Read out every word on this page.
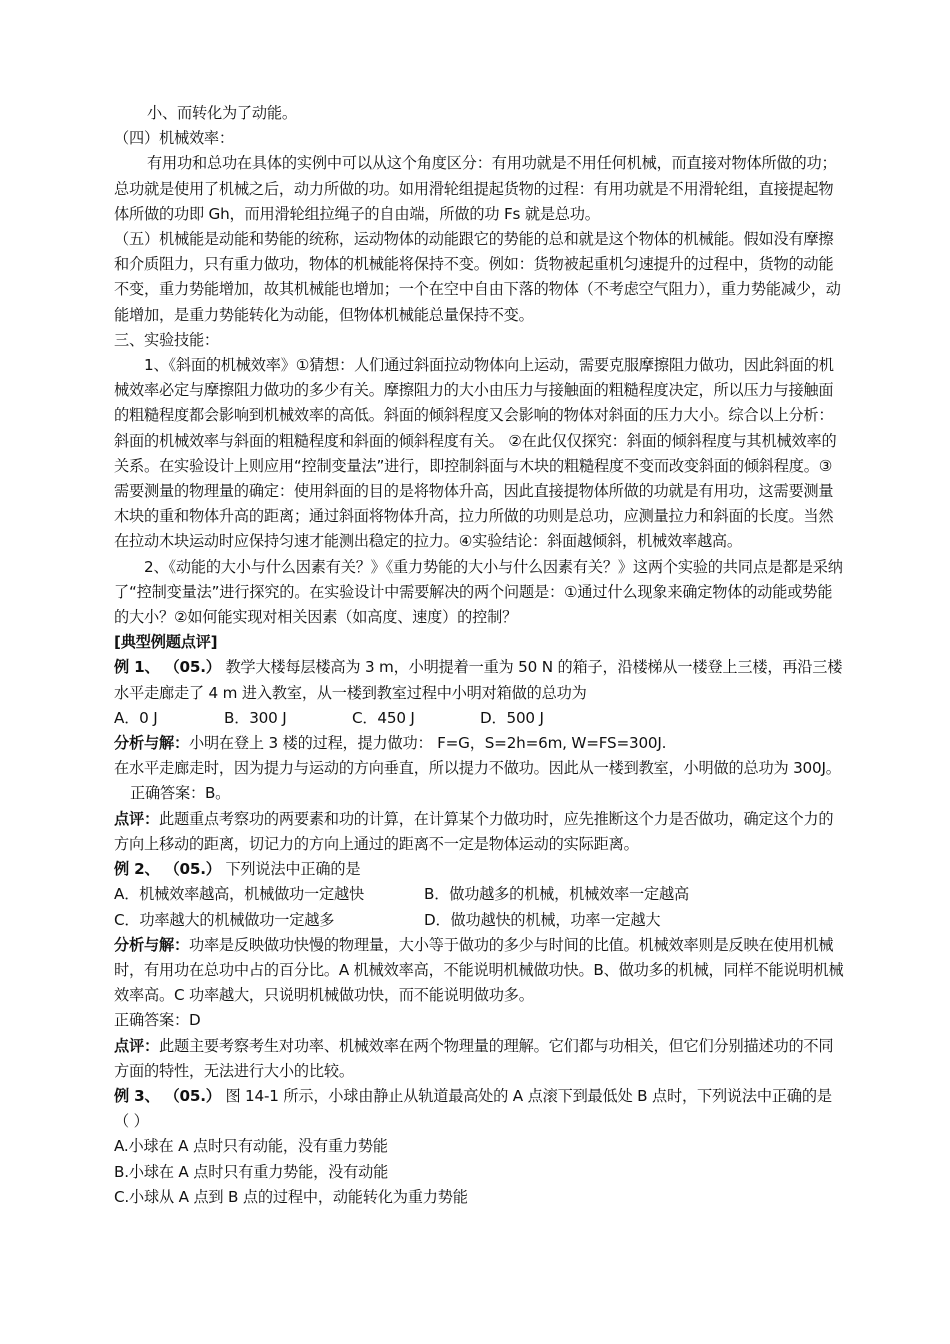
小、而转化为了动能。

（四）机械效率：

有用功和总功在具体的实例中可以从这个角度区分：有用功就是不用任何机械，而直接对物体所做的功；总功就是使用了机械之后，动力所做的功。如用滑轮组提起货物的过程：有用功就是不用滑轮组，直接提起物体所做的功即 Gh，而用滑轮组拉绳子的自由端，所做的功 Fs 就是总功。

（五）机械能是动能和势能的统称，运动物体的动能跟它的势能的总和就是这个物体的机械能。假如没有摩擦和介质阻力，只有重力做功，物体的机械能将保持不变。例如：货物被起重机匀速提升的过程中，货物的动能不变，重力势能增加，故其机械能也增加；一个在空中自由下落的物体（不考虑空气阻力），重力势能减少，动能增加，是重力势能转化为动能，但物体机械能总量保持不变。

三、实验技能：

1、《斜面的机械效率》①猜想：人们通过斜面拉动物体向上运动，需要克服摩擦阻力做功，因此斜面的机械效率必定与摩擦阻力做功的多少有关。摩擦阻力的大小由压力与接触面的粗糙程度决定，所以压力与接触面的粗糙程度都会影响到机械效率的高低。斜面的倾斜程度又会影响的物体对斜面的压力大小。综合以上分析：斜面的机械效率与斜面的粗糙程度和斜面的倾斜程度有关。 ②在此仅仅探究：斜面的倾斜程度与其机械效率的关系。在实验设计上则应用“控制变量法”进行，即控制斜面与木块的粗糙程度不变而改变斜面的倾斜程度。③需要测量的物理量的确定：使用斜面的目的是将物体升高，因此直接提物体所做的功就是有用功，这需要测量木块的重和物体升高的距离；通过斜面将物体升高，拉力所做的功则是总功，应测量拉力和斜面的长度。当然在拉动木块运动时应保持匀速才能测出稳定的拉力。④实验结论：斜面越倾斜，机械效率越高。

2、《动能的大小与什么因素有关？》《重力势能的大小与什么因素有关？》这两个实验的共同点是都是采纳了“控制变量法”进行探究的。在实验设计中需要解决的两个问题是：①通过什么现象来确定物体的动能或势能的大小？②如何能实现对相关因素（如高度、速度）的控制？

[典型例题点评]

例 1、 （05.） 教学大楼每层楼高为 3 m，小明提着一重为 50 N 的箱子，沿楼梯从一楼登上三楼，再沿三楼水平走廊走了 4 m 进入教室，从一楼到教室过程中小明对箱做的总功为

A．0 J	B．300 J	C．450 J	D．500 J

分析与解：小明在登上 3 楼的过程，提力做功： F=G，S=2h=6m, W=FS=300J.

在水平走廊走时，因为提力与运动的方向垂直，所以提力不做功。因此从一楼到教室，小明做的总功为 300J。

正确答案：B。

点评：此题重点考察功的两要素和功的计算，在计算某个力做功时，应先推断这个力是否做功，确定这个力的方向上移动的距离，切记力的方向上通过的距离不一定是物体运动的实际距离。

例 2、 （05.） 下列说法中正确的是

A．机械效率越高，机械做功一定越快	B．做功越多的机械，机械效率一定越高
C．功率越大的机械做功一定越多	D．做功越快的机械，功率一定越大

分析与解：功率是反映做功快慢的物理量，大小等于做功的多少与时间的比值。机械效率则是反映在使用机械时，有用功在总功中占的百分比。A 机械效率高，不能说明机械做功快。B、做功多的机械，同样不能说明机械效率高。C 功率越大，只说明机械做功快，而不能说明做功多。

正确答案：D

点评：此题主要考察考生对功率、机械效率在两个物理量的理解。它们都与功相关，但它们分别描述功的不同方面的特性，无法进行大小的比较。

例 3、 （05.） 图 14-1 所示，小球由静止从轨道最高处的 A 点滚下到最低处 B 点时，下列说法中正确的是（ ）

A.小球在 A 点时只有动能，没有重力势能

B.小球在 A 点时只有重力势能，没有动能

C.小球从 A 点到 B 点的过程中，动能转化为重力势能
